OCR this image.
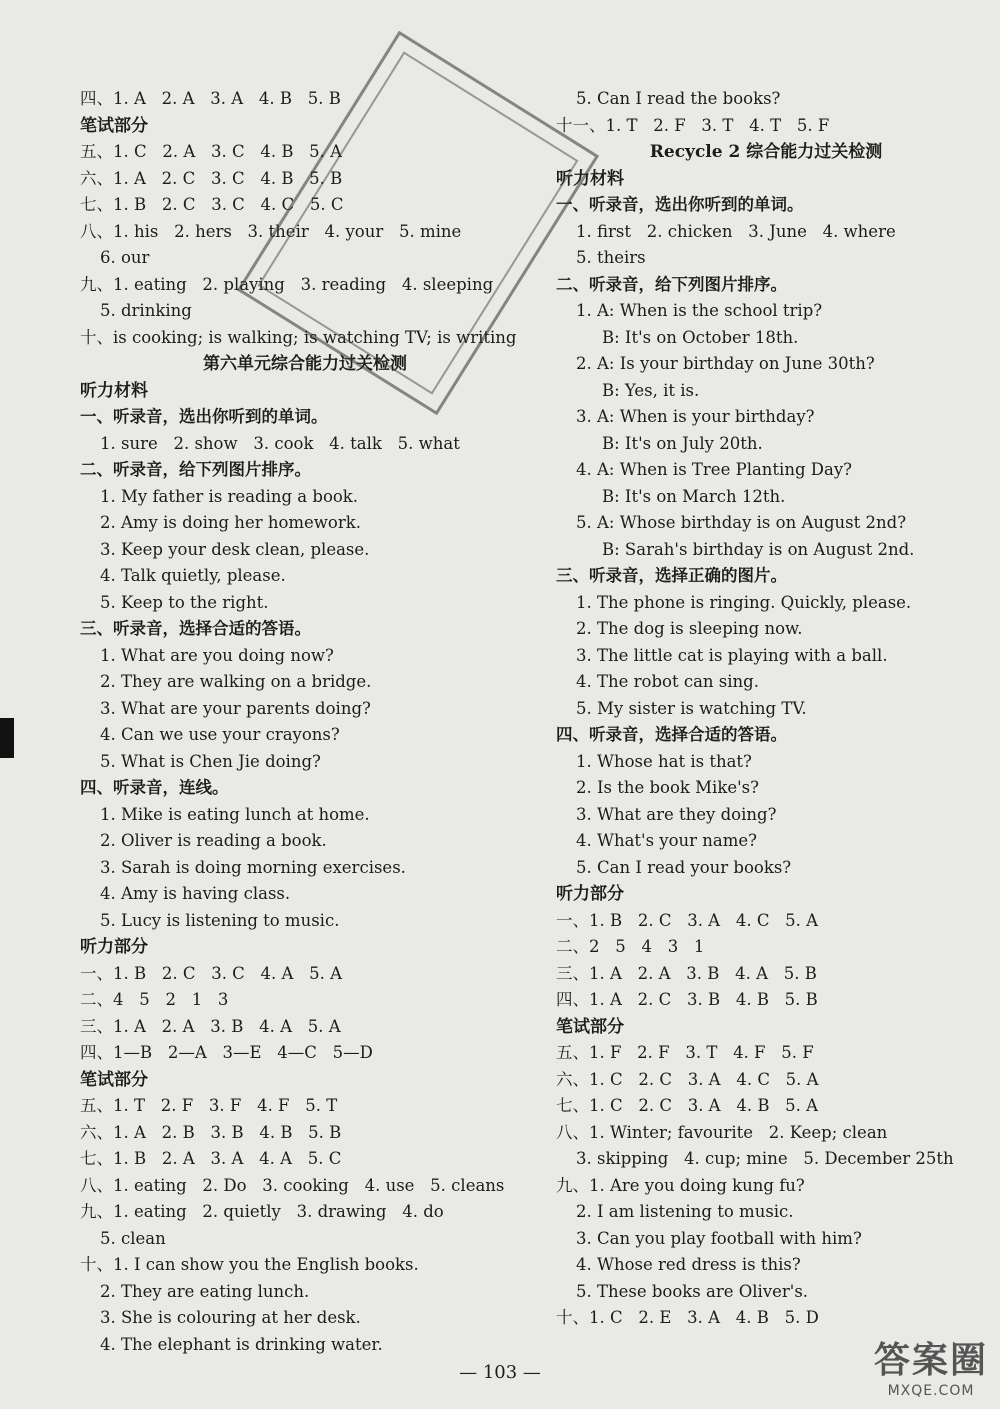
四、1. A   2. A   3. A   4. B   5. B
笔试部分
五、1. C   2. A   3. C   4. B   5. A
六、1. A   2. C   3. C   4. B   5. B
七、1. B   2. C   3. C   4. C   5. C
八、1. his   2. hers   3. their   4. your   5. mine
6. our
九、1. eating   2. playing   3. reading   4. sleeping
5. drinking
十、is cooking; is walking; is watching TV; is writing
第六单元综合能力过关检测
听力材料
一、听录音，选出你听到的单词。
1. sure   2. show   3. cook   4. talk   5. what
二、听录音，给下列图片排序。
1. My father is reading a book.
2. Amy is doing her homework.
3. Keep your desk clean, please.
4. Talk quietly, please.
5. Keep to the right.
三、听录音，选择合适的答语。
1. What are you doing now?
2. They are walking on a bridge.
3. What are your parents doing?
4. Can we use your crayons?
5. What is Chen Jie doing?
四、听录音，连线。
1. Mike is eating lunch at home.
2. Oliver is reading a book.
3. Sarah is doing morning exercises.
4. Amy is having class.
5. Lucy is listening to music.
听力部分
一、1. B   2. C   3. C   4. A   5. A
二、4   5   2   1   3
三、1. A   2. A   3. B   4. A   5. A
四、1—B   2—A   3—E   4—C   5—D
笔试部分
五、1. T   2. F   3. F   4. F   5. T
六、1. A   2. B   3. B   4. B   5. B
七、1. B   2. A   3. A   4. A   5. C
八、1. eating   2. Do   3. cooking   4. use   5. cleans
九、1. eating   2. quietly   3. drawing   4. do
5. clean
十、1. I can show you the English books.
2. They are eating lunch.
3. She is colouring at her desk.
4. The elephant is drinking water.
5. Can I read the books?
十一、1. T   2. F   3. T   4. T   5. F
Recycle 2 综合能力过关检测
听力材料
一、听录音，选出你听到的单词。
1. first   2. chicken   3. June   4. where
5. theirs
二、听录音，给下列图片排序。
1. A: When is the school trip?
B: It's on October 18th.
2. A: Is your birthday on June 30th?
B: Yes, it is.
3. A: When is your birthday?
B: It's on July 20th.
4. A: When is Tree Planting Day?
B: It's on March 12th.
5. A: Whose birthday is on August 2nd?
B: Sarah's birthday is on August 2nd.
三、听录音，选择正确的图片。
1. The phone is ringing. Quickly, please.
2. The dog is sleeping now.
3. The little cat is playing with a ball.
4. The robot can sing.
5. My sister is watching TV.
四、听录音，选择合适的答语。
1. Whose hat is that?
2. Is the book Mike's?
3. What are they doing?
4. What's your name?
5. Can I read your books?
听力部分
一、1. B   2. C   3. A   4. C   5. A
二、2   5   4   3   1
三、1. A   2. A   3. B   4. A   5. B
四、1. A   2. C   3. B   4. B   5. B
笔试部分
五、1. F   2. F   3. T   4. F   5. F
六、1. C   2. C   3. A   4. C   5. A
七、1. C   2. C   3. A   4. B   5. A
八、1. Winter; favourite   2. Keep; clean
3. skipping   4. cup; mine   5. December 25th
九、1. Are you doing kung fu?
2. I am listening to music.
3. Can you play football with him?
4. Whose red dress is this?
5. These books are Oliver's.
十、1. C   2. E   3. A   4. B   5. D
— 103 —	答案圈
MXQE.COM
